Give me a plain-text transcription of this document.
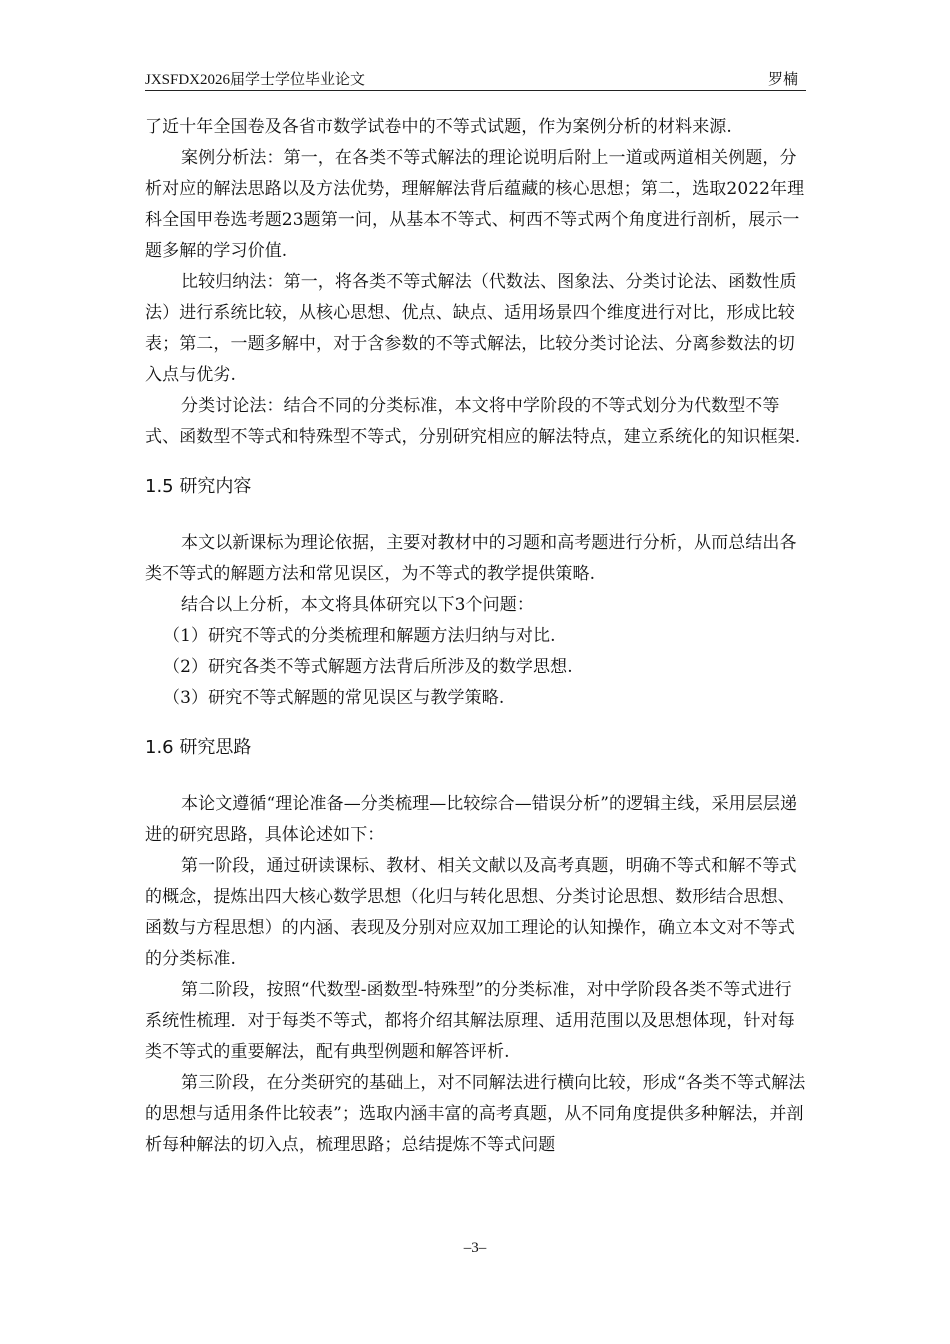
JXSFDX2026届学士学位毕业论文	罗楠

了近十年全国卷及各省市数学试卷中的不等式试题，作为案例分析的材料来源.

案例分析法：第一，在各类不等式解法的理论说明后附上一道或两道相关例题，分析对应的解法思路以及方法优势，理解解法背后蕴藏的核心思想；第二，选取2022年理科全国甲卷选考题23题第一问，从基本不等式、柯西不等式两个角度进行剖析，展示一题多解的学习价值.

比较归纳法：第一，将各类不等式解法（代数法、图象法、分类讨论法、函数性质法）进行系统比较，从核心思想、优点、缺点、适用场景四个维度进行对比，形成比较表；第二，一题多解中，对于含参数的不等式解法，比较分类讨论法、分离参数法的切入点与优劣.

分类讨论法：结合不同的分类标准，本文将中学阶段的不等式划分为代数型不等式、函数型不等式和特殊型不等式，分别研究相应的解法特点，建立系统化的知识框架.

1.5 研究内容

本文以新课标为理论依据，主要对教材中的习题和高考题进行分析，从而总结出各类不等式的解题方法和常见误区，为不等式的教学提供策略.

结合以上分析，本文将具体研究以下3个问题：

（1）研究不等式的分类梳理和解题方法归纳与对比.

（2）研究各类不等式解题方法背后所涉及的数学思想.

（3）研究不等式解题的常见误区与教学策略.

1.6 研究思路

本论文遵循“理论准备—分类梳理—比较综合—错误分析”的逻辑主线，采用层层递进的研究思路，具体论述如下：

第一阶段，通过研读课标、教材、相关文献以及高考真题，明确不等式和解不等式的概念，提炼出四大核心数学思想（化归与转化思想、分类讨论思想、数形结合思想、函数与方程思想）的内涵、表现及分别对应双加工理论的认知操作，确立本文对不等式的分类标准.

第二阶段，按照“代数型-函数型-特殊型”的分类标准，对中学阶段各类不等式进行系统性梳理．对于每类不等式，都将介绍其解法原理、适用范围以及思想体现，针对每类不等式的重要解法，配有典型例题和解答评析.

第三阶段，在分类研究的基础上，对不同解法进行横向比较，形成“各类不等式解法的思想与适用条件比较表”；选取内涵丰富的高考真题，从不同角度提供多种解法，并剖析每种解法的切入点，梳理思路；总结提炼不等式问题

–3–
